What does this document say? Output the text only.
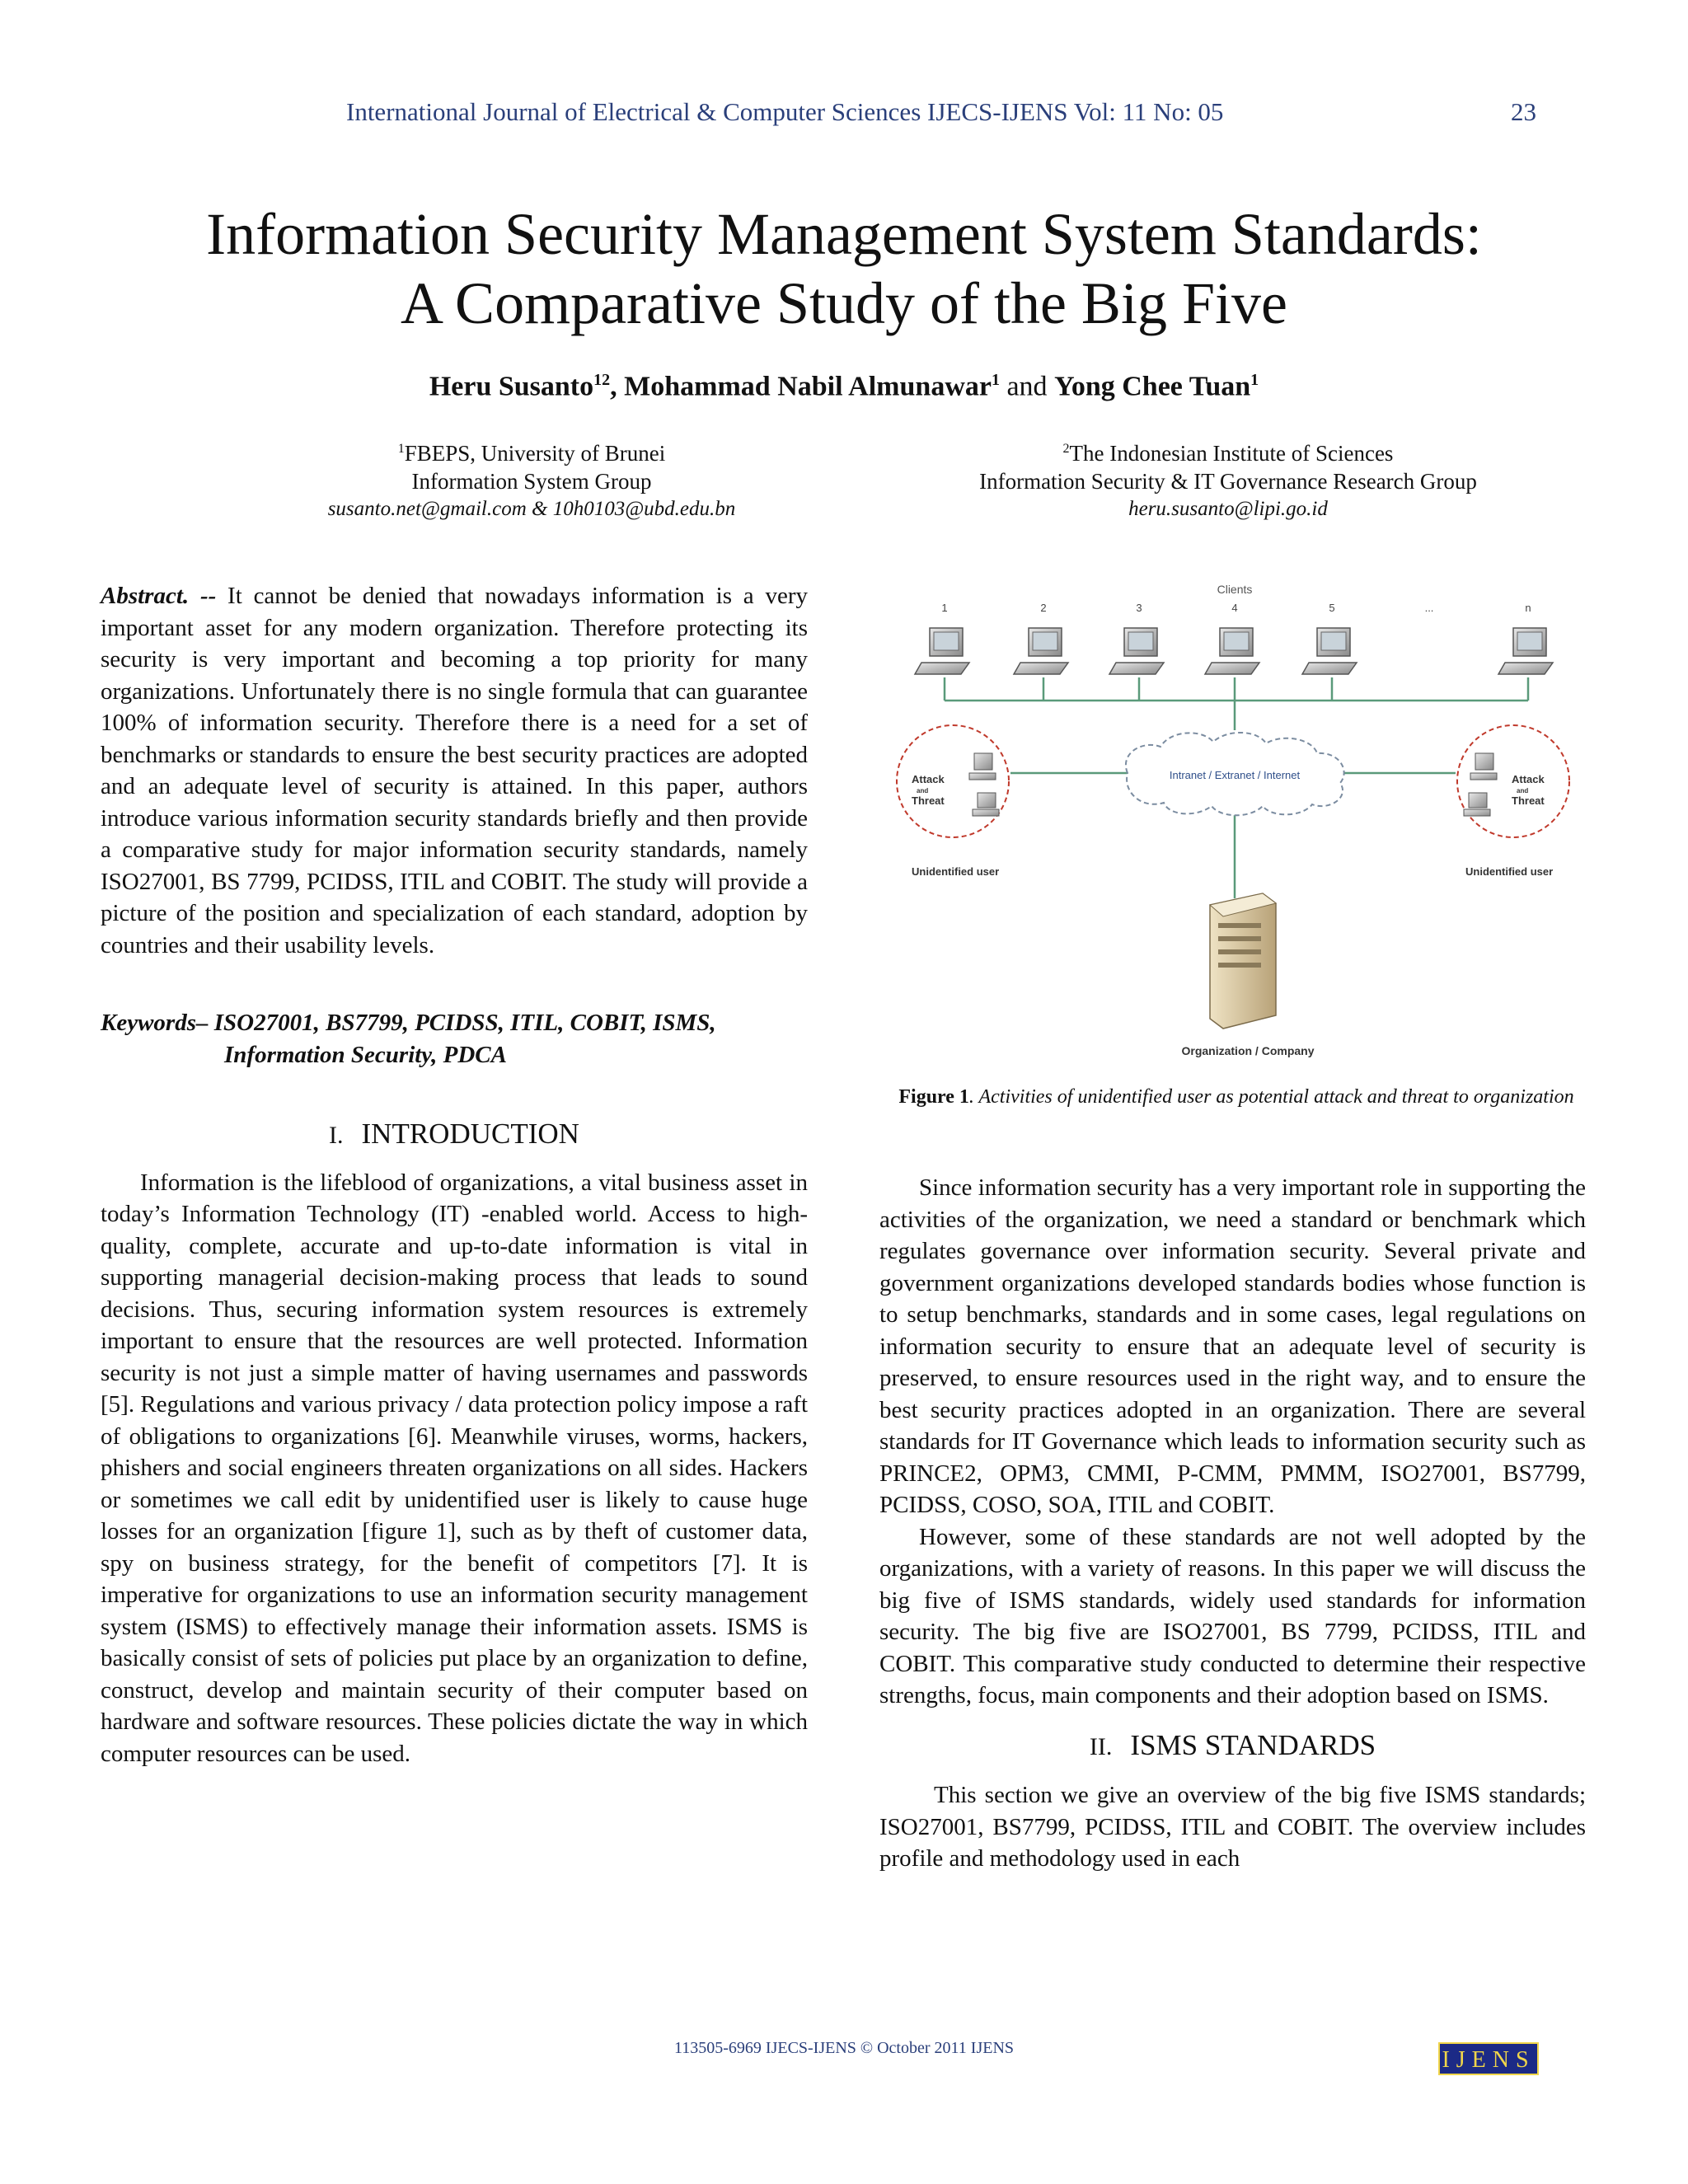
International Journal of Electrical & Computer Sciences IJECS-IJENS Vol: 11 No: 05	23
Information Security Management System Standards:
A Comparative Study of the Big Five
Heru Susanto$^{12}$, Mohammad Nabil Almunawar$^1$ and Yong Chee Tuan$^1$
$^1$FBEPS, University of Brunei
Information System Group
susanto.net@gmail.com & 10h0103@ubd.edu.bn
$^2$The Indonesian Institute of Sciences
Information Security & IT Governance Research Group
heru.susanto@lipi.go.id

Abstract. -- It cannot be denied that nowadays information is a very important asset for any modern organization. Therefore protecting its security is very important and becoming a top priority for many organizations. Unfortunately there is no single formula that can guarantee 100% of information security. Therefore there is a need for a set of benchmarks or standards to ensure the best security practices are adopted and an adequate level of security is attained. In this paper, authors introduce various information security standards briefly and then provide a comparative study for major information security standards, namely ISO27001, BS 7799, PCIDSS, ITIL and COBIT. The study will provide a picture of the position and specialization of each standard, adoption by countries and their usability levels.

Keywords– ISO27001, BS7799, PCIDSS, ITIL, COBIT, ISMS,
Information Security, PDCA
I. INTRODUCTION

Information is the lifeblood of organizations, a vital business asset in today’s Information Technology (IT) -enabled world. Access to high-quality, complete, accurate and up-to-date information is vital in supporting managerial decision-making process that leads to sound decisions. Thus, securing information system resources is extremely important to ensure that the resources are well protected. Information security is not just a simple matter of having usernames and passwords [5]. Regulations and various privacy / data protection policy impose a raft of obligations to organizations [6]. Meanwhile viruses, worms, hackers, phishers and social engineers threaten organizations on all sides. Hackers or sometimes we call edit by unidentified user is likely to cause huge losses for an organization [figure 1], such as by theft of customer data, spy on business strategy, for the benefit of competitors [7]. It is imperative for organizations to use an information security management system (ISMS) to effectively manage their information assets. ISMS is basically consist of sets of policies put place by an organization to define, construct, develop and maintain security of their computer based on hardware and software resources. These policies dictate the way in which computer resources can be used.

Clients
1	2	3	4	5	...	n
Intranet / Extranet / Internet
Attack
and
Threat
Unidentified user
Attack
and
Threat
Unidentified user
Organization / Company
Figure 1. Activities of unidentified user as potential attack and threat to organization

Since information security has a very important role in supporting the activities of the organization, we need a standard or benchmark which regulates governance over information security. Several private and government organizations developed standards bodies whose function is to setup benchmarks, standards and in some cases, legal regulations on information security to ensure that an adequate level of security is preserved, to ensure resources used in the right way, and to ensure the best security practices adopted in an organization. There are several standards for IT Governance which leads to information security such as PRINCE2, OPM3, CMMI, P-CMM, PMMM, ISO27001, BS7799, PCIDSS, COSO, SOA, ITIL and COBIT.

However, some of these standards are not well adopted by the organizations, with a variety of reasons. In this paper we will discuss the big five of ISMS standards, widely used standards for information security. The big five are ISO27001, BS 7799, PCIDSS, ITIL and COBIT. This comparative study conducted to determine their respective strengths, focus, main components and their adoption based on ISMS.

II. ISMS STANDARDS

This section we give an overview of the big five ISMS standards; ISO27001, BS7799, PCIDSS, ITIL and COBIT. The overview includes profile and methodology used in each

113505-6969 IJECS-IJENS © October 2011 IJENS	IJENS
